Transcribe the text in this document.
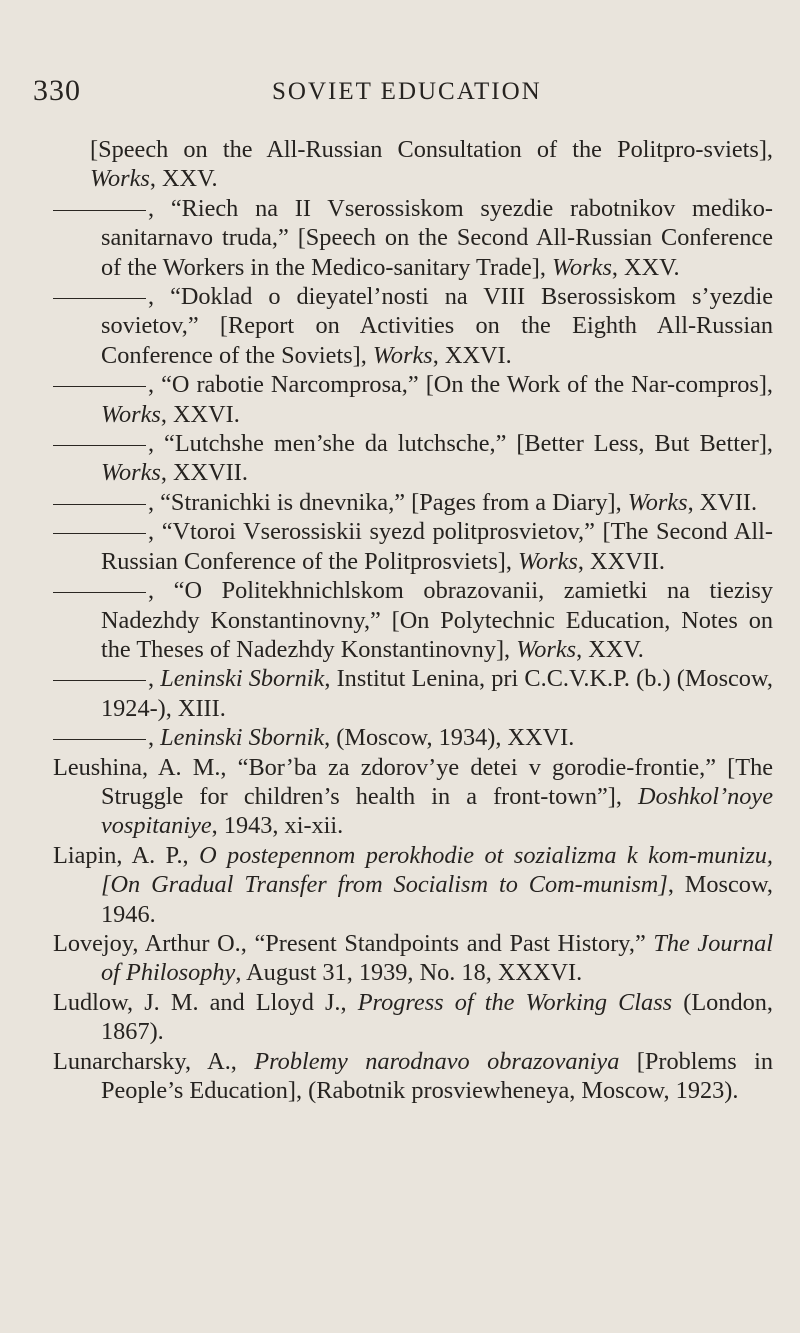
330	SOVIET EDUCATION
[Speech on the All-Russian Consultation of the Politpro-sviets], Works, XXV.
, “Riech na II Vserossiskom syezdie rabotnikov mediko-sanitarnavo truda,” [Speech on the Second All-Russian Conference of the Workers in the Medico-sanitary Trade], Works, XXV.
, “Doklad o dieyatel’nosti na VIII Bserossiskom s’yezdie sovietov,” [Report on Activities on the Eighth All-Russian Conference of the Soviets], Works, XXVI.
, “O rabotie Narcomprosa,” [On the Work of the Nar-compros], Works, XXVI.
, “Lutchshe men’she da lutchsche,” [Better Less, But Better], Works, XXVII.
, “Stranichki is dnevnika,” [Pages from a Diary], Works, XVII.
, “Vtoroi Vserossiskii syezd politprosvietov,” [The Second All-Russian Conference of the Politprosviets], Works, XXVII.
, “O Politekhnichlskom obrazovanii, zamietki na tiezisy Nadezhdy Konstantinovny,” [On Polytechnic Education, Notes on the Theses of Nadezhdy Konstantinovny], Works, XXV.
, Leninski Sbornik, Institut Lenina, pri C.C.V.K.P. (b.) (Moscow, 1924-), XIII.
, Leninski Sbornik, (Moscow, 1934), XXVI.
Leushina, A. M., “Bor’ba za zdorov’ye detei v gorodie-frontie,” [The Struggle for children’s health in a front-town”], Doshkol’noye vospitaniye, 1943, xi-xii.
Liapin, A. P., O postepennom perokhodie ot sozializma k kom-munizu, [On Gradual Transfer from Socialism to Com-munism], Moscow, 1946.
Lovejoy, Arthur O., “Present Standpoints and Past History,” The Journal of Philosophy, August 31, 1939, No. 18, XXXVI.
Ludlow, J. M. and Lloyd J., Progress of the Working Class (London, 1867).
Lunarcharsky, A., Problemy narodnavo obrazovaniya [Problems in People’s Education], (Rabotnik prosviewheneya, Moscow, 1923).
